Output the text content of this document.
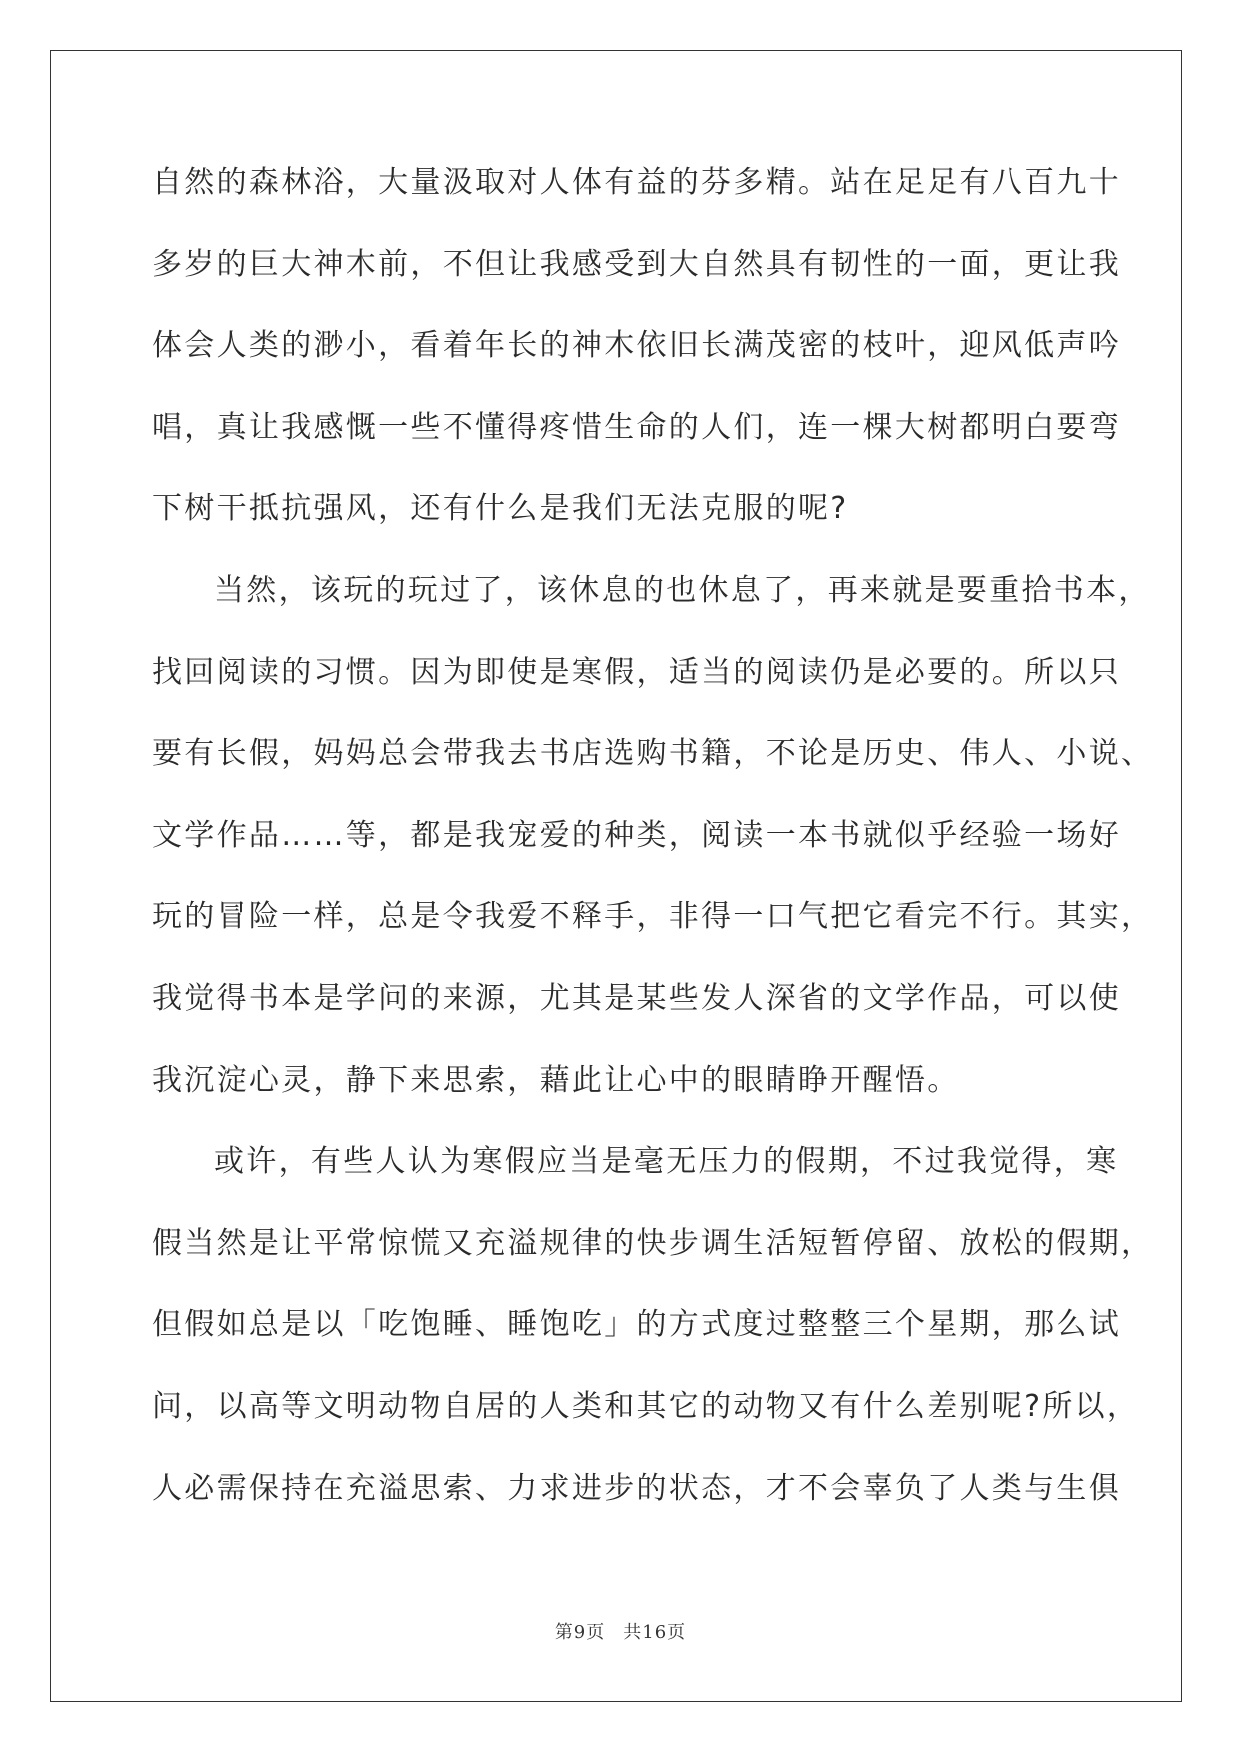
自然的森林浴，大量汲取对人体有益的芬多精。站在足足有八百九十
多岁的巨大神木前，不但让我感受到大自然具有韧性的一面，更让我
体会人类的渺小，看着年长的神木依旧长满茂密的枝叶，迎风低声吟
唱，真让我感慨一些不懂得疼惜生命的人们，连一棵大树都明白要弯
下树干抵抗强风，还有什么是我们无法克服的呢?
当然，该玩的玩过了，该休息的也休息了，再来就是要重拾书本，
找回阅读的习惯。因为即使是寒假，适当的阅读仍是必要的。所以只
要有长假，妈妈总会带我去书店选购书籍，不论是历史、伟人、小说、
文学作品……等，都是我宠爱的种类，阅读一本书就似乎经验一场好
玩的冒险一样，总是令我爱不释手，非得一口气把它看完不行。其实，
我觉得书本是学问的来源，尤其是某些发人深省的文学作品，可以使
我沉淀心灵，静下来思索，藉此让心中的眼睛睁开醒悟。
或许，有些人认为寒假应当是毫无压力的假期，不过我觉得，寒
假当然是让平常惊慌又充溢规律的快步调生活短暂停留、放松的假期，
但假如总是以「吃饱睡、睡饱吃」的方式度过整整三个星期，那么试
问，以高等文明动物自居的人类和其它的动物又有什么差别呢?所以，
人必需保持在充溢思索、力求进步的状态，才不会辜负了人类与生俱
第9页 共16页
